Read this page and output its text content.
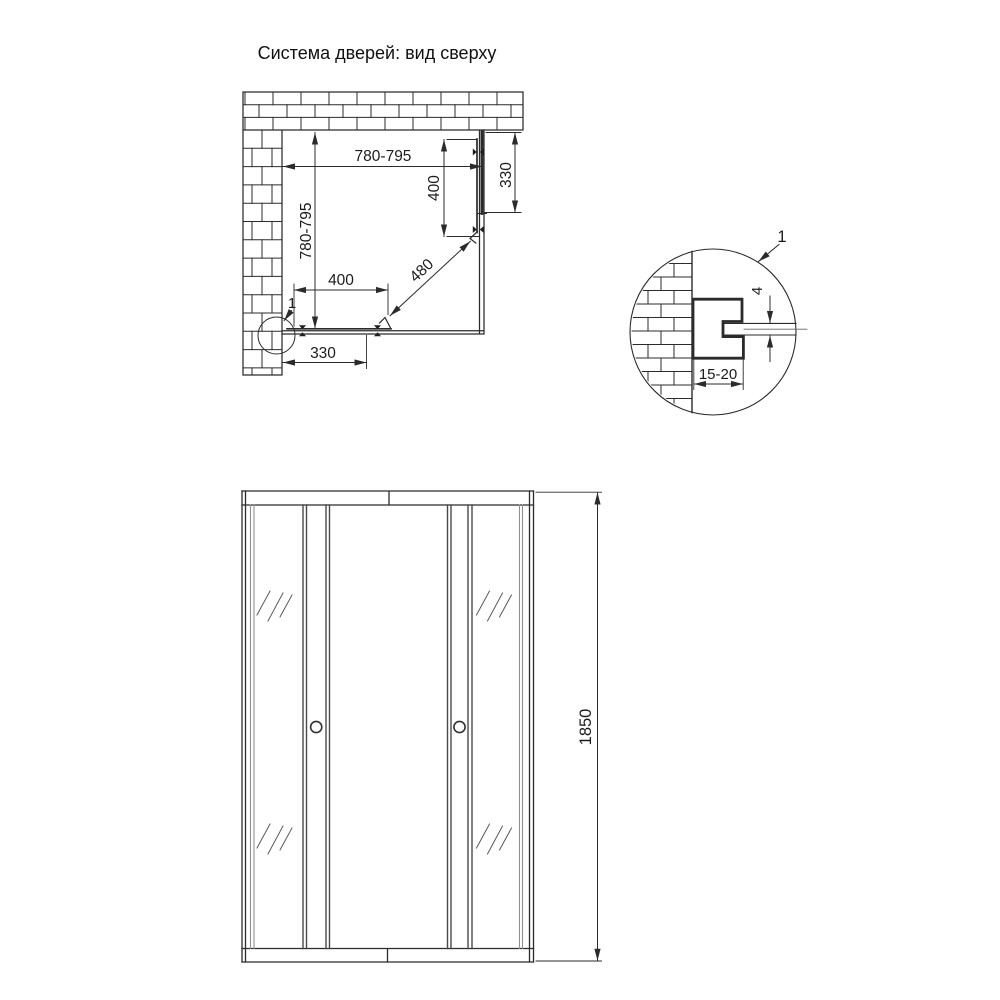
Система дверей: вид сверху
780-795
780-795
400
330
400
330
480
1
4
15-20
1
1850
